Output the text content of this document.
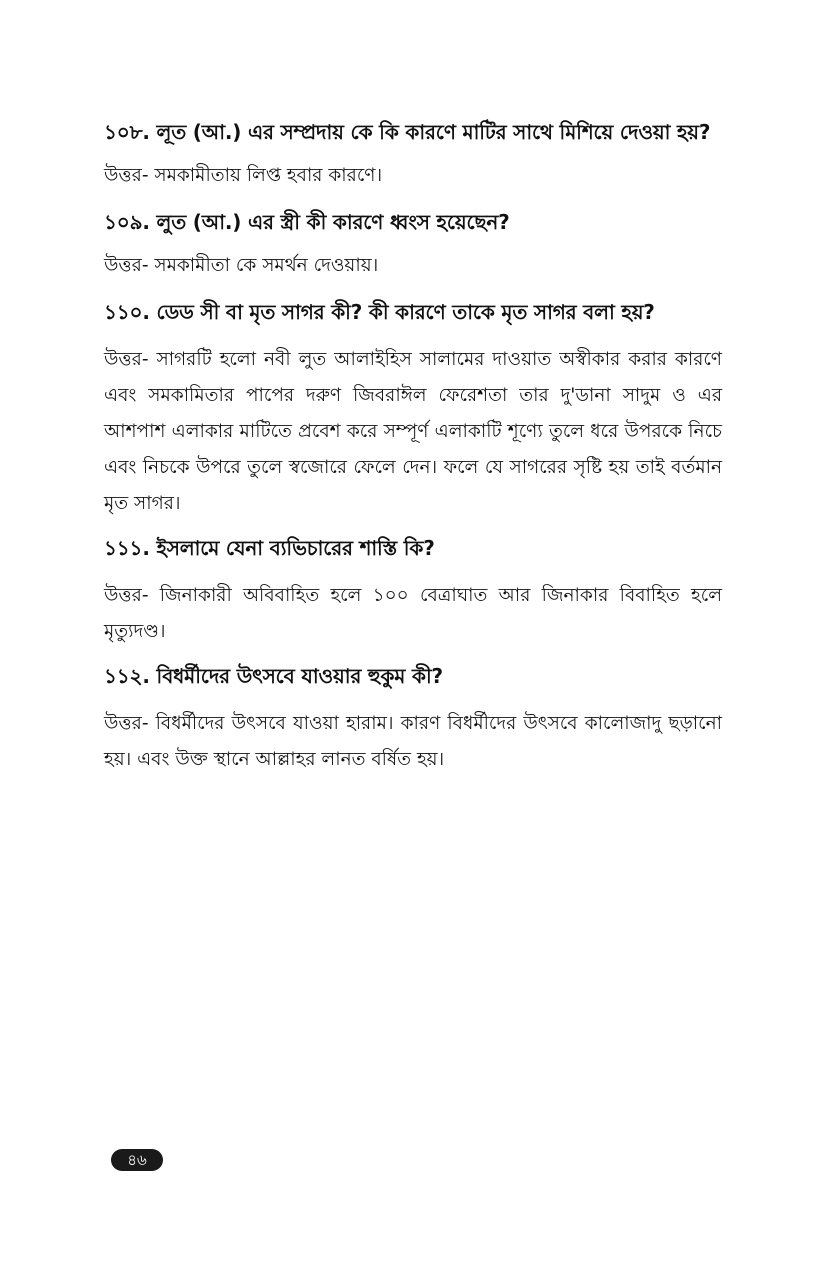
১০৮. লূত (আ.) এর সম্প্রদায় কে কি কারণে মাটির সাথে মিশিয়ে দেওয়া হয়?

উত্তর- সমকামীতায় লিপ্ত হবার কারণে।

১০৯. লুত (আ.) এর স্ত্রী কী কারণে ধ্বংস হয়েছেন?

উত্তর- সমকামীতা কে সমর্থন দেওয়ায়।

১১০. ডেড সী বা মৃত সাগর কী? কী কারণে তাকে মৃত সাগর বলা হয়?

উত্তর- সাগরটি হলো নবী লুত আলাইহিস সালামের দাওয়াত অস্বীকার করার কারণে এবং সমকামিতার পাপের দরুণ জিবরাঈল ফেরেশতা তার দু'ডানা সাদুম ও এর আশপাশ এলাকার মাটিতে প্রবেশ করে সম্পূর্ণ এলাকাটি শূণ্যে তুলে ধরে উপরকে নিচে এবং নিচকে উপরে তুলে স্বজোরে ফেলে দেন। ফলে যে সাগরের সৃষ্টি হয় তাই বর্তমান মৃত সাগর।

১১১. ইসলামে যেনা ব্যভিচারের শাস্তি কি?

উত্তর- জিনাকারী অবিবাহিত হলে ১০০ বেত্রাঘাত আর জিনাকার বিবাহিত হলে মৃত্যুদণ্ড।

১১২. বিধর্মীদের উৎসবে যাওয়ার হুকুম কী?

উত্তর- বিধর্মীদের উৎসবে যাওয়া হারাম। কারণ বিধর্মীদের উৎসবে কালোজাদু ছড়ানো হয়। এবং উক্ত স্থানে আল্লাহর লানত বর্ষিত হয়।

৪৬
